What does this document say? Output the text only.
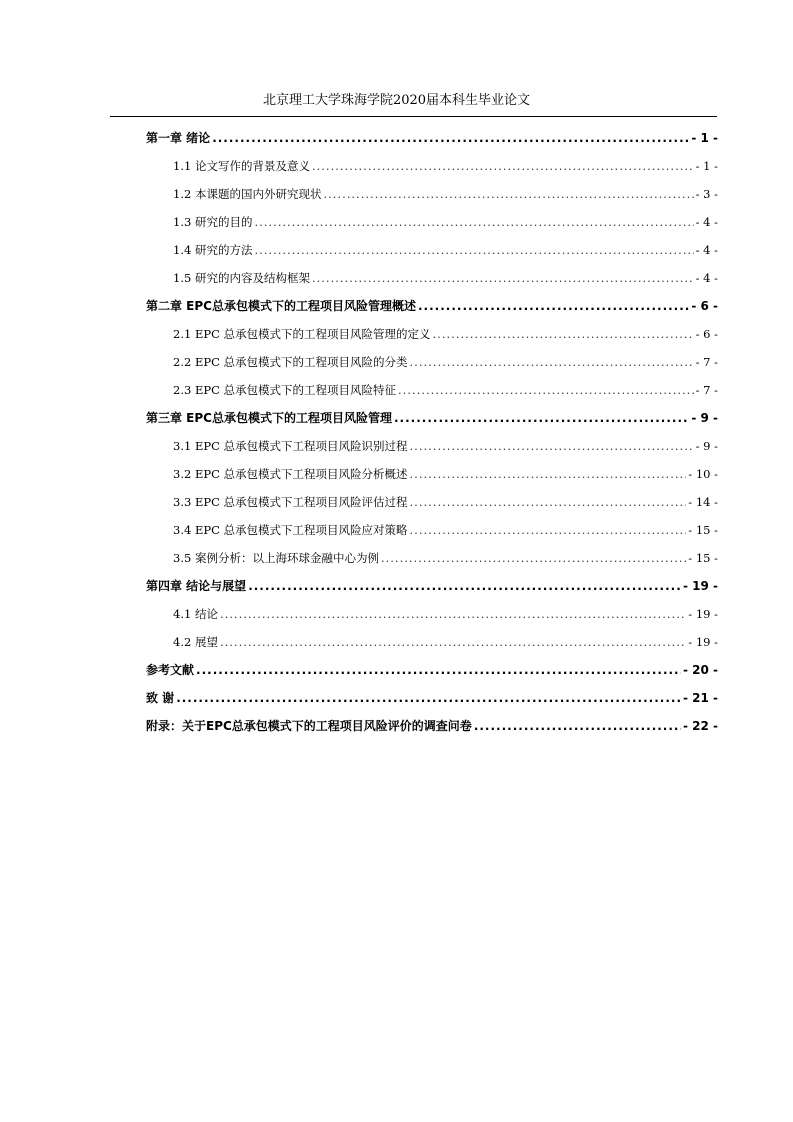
北京理工大学珠海学院2020届本科生毕业论文
第一章 绪论 .....	- 1 -
1.1 论文写作的背景及意义 .....	- 1 -
1.2 本课题的国内外研究现状 .....	- 3 -
1.3 研究的目的 .....	- 4 -
1.4 研究的方法 .....	- 4 -
1.5 研究的内容及结构框架 .....	- 4 -
第二章 EPC总承包模式下的工程项目风险管理概述 .....	- 6 -
2.1 EPC 总承包模式下的工程项目风险管理的定义 .....	- 6 -
2.2 EPC 总承包模式下的工程项目风险的分类 .....	- 7 -
2.3 EPC 总承包模式下的工程项目风险特征 .....	- 7 -
第三章 EPC总承包模式下的工程项目风险管理 .....	- 9 -
3.1 EPC 总承包模式下工程项目风险识别过程 .....	- 9 -
3.2 EPC 总承包模式下工程项目风险分析概述 .....	- 10 -
3.3 EPC 总承包模式下工程项目风险评估过程 .....	- 14 -
3.4 EPC 总承包模式下工程项目风险应对策略 .....	- 15 -
3.5 案例分析：以上海环球金融中心为例 .....	- 15 -
第四章 结论与展望 .....	- 19 -
4.1 结论 .....	- 19 -
4.2 展望 .....	- 19 -
参考文献 .....	- 20 -
致 谢 .....	- 21 -
附录：关于EPC总承包模式下的工程项目风险评价的调查问卷 .....	- 22 -
